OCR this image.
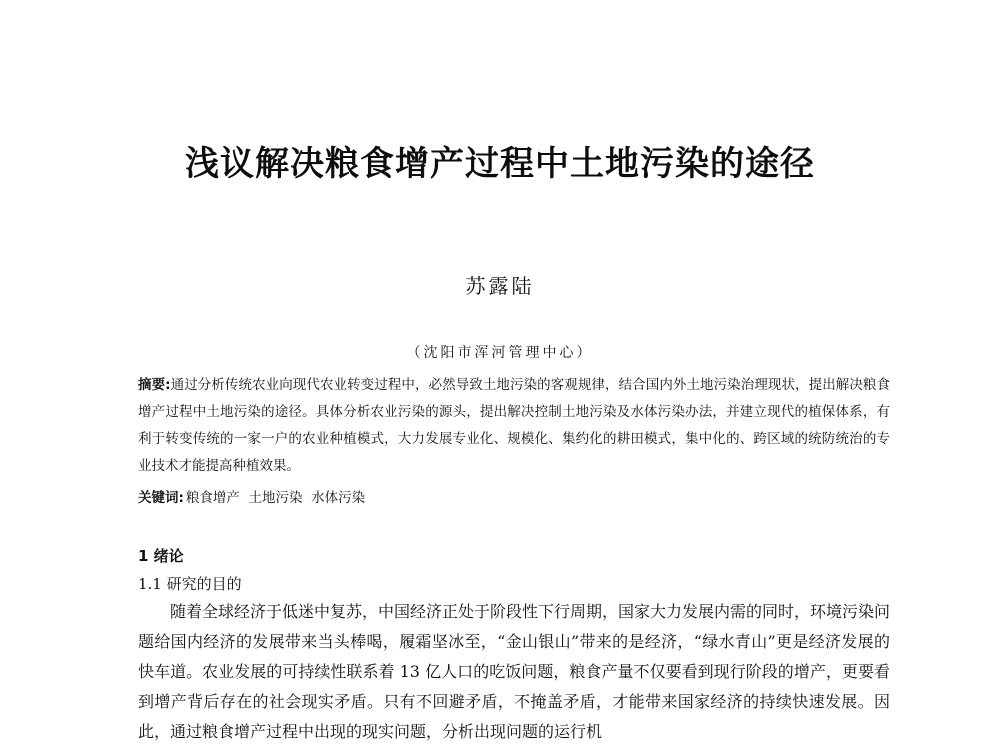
浅议解决粮食增产过程中土地污染的途径
苏露陆
（沈阳市浑河管理中心）
摘要:通过分析传统农业向现代农业转变过程中，必然导致土地污染的客观规律，结合国内外土地污染治理现状，提出解决粮食增产过程中土地污染的途径。具体分析农业污染的源头，提出解决控制土地污染及水体污染办法，并建立现代的植保体系，有利于转变传统的一家一户的农业种植模式，大力发展专业化、规模化、集约化的耕田模式，集中化的、跨区域的统防统治的专业技术才能提高种植效果。
关键词: 粮食增产  土地污染  水体污染
1 绪论
1.1 研究的目的

随着全球经济于低迷中复苏，中国经济正处于阶段性下行周期，国家大力发展内需的同时，环境污染问题给国内经济的发展带来当头棒喝，履霜坚冰至，“金山银山”带来的是经济，“绿水青山”更是经济发展的快车道。农业发展的可持续性联系着 13 亿人口的吃饭问题，粮食产量不仅要看到现行阶段的增产，更要看到增产背后存在的社会现实矛盾。只有不回避矛盾，不掩盖矛盾，才能带来国家经济的持续快速发展。因此，通过粮食增产过程中出现的现实问题，分析出现问题的运行机
